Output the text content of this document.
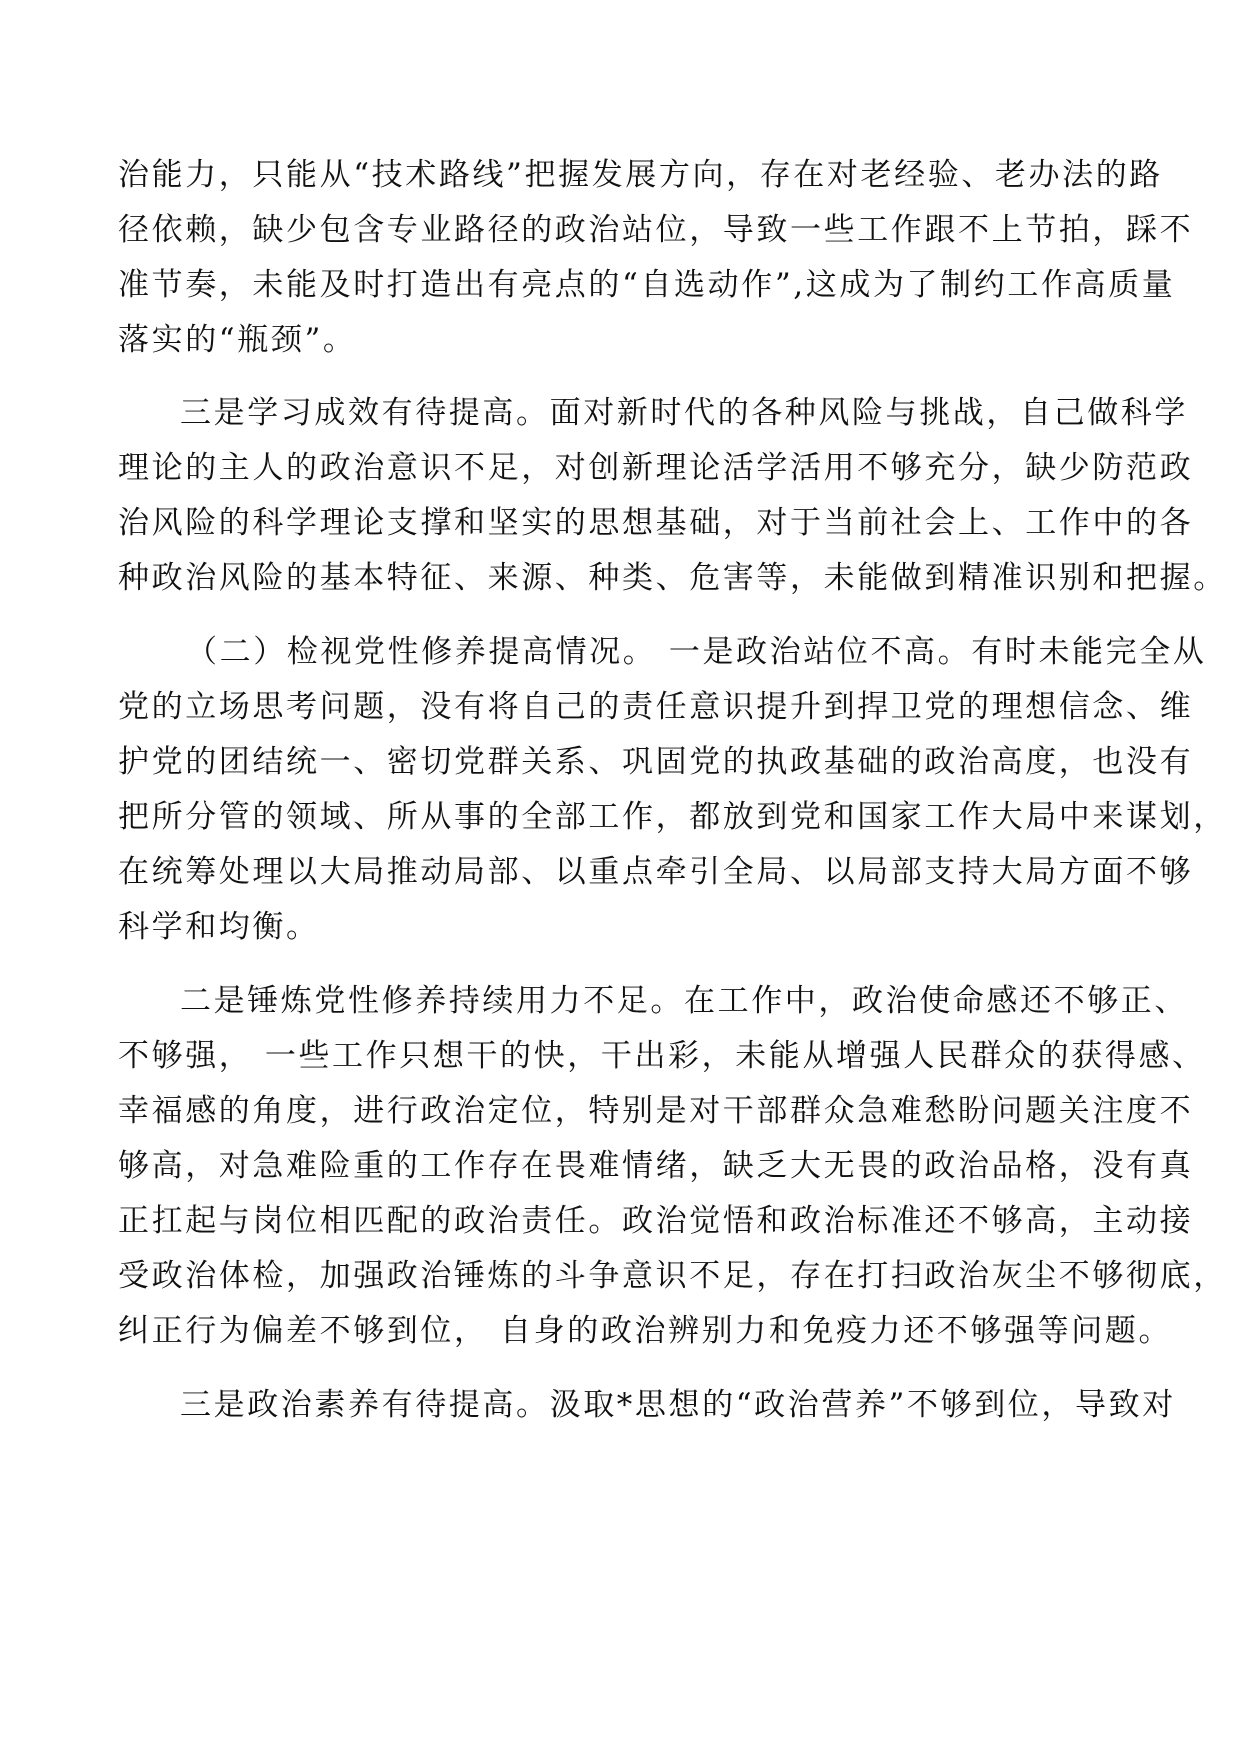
治能力，只能从“技术路线”把握发展方向，存在对老经验、老办法的路

径依赖，缺少包含专业路径的政治站位，导致一些工作跟不上节拍，踩不

准节奏，未能及时打造出有亮点的“自选动作”,这成为了制约工作高质量

落实的“瓶颈”。

三是学习成效有待提高。面对新时代的各种风险与挑战，自己做科学

理论的主人的政治意识不足，对创新理论活学活用不够充分，缺少防范政

治风险的科学理论支撑和坚实的思想基础，对于当前社会上、工作中的各

种政治风险的基本特征、来源、种类、危害等，未能做到精准识别和把握。

（二）检视党性修养提高情况。 一是政治站位不高。有时未能完全从

党的立场思考问题，没有将自己的责任意识提升到捍卫党的理想信念、维

护党的团结统一、密切党群关系、巩固党的执政基础的政治高度，也没有

把所分管的领域、所从事的全部工作，都放到党和国家工作大局中来谋划，

在统筹处理以大局推动局部、以重点牵引全局、以局部支持大局方面不够

科学和均衡。

二是锤炼党性修养持续用力不足。在工作中，政治使命感还不够正、

不够强， 一些工作只想干的快，干出彩，未能从增强人民群众的获得感、

幸福感的角度，进行政治定位，特别是对干部群众急难愁盼问题关注度不

够高，对急难险重的工作存在畏难情绪，缺乏大无畏的政治品格，没有真

正扛起与岗位相匹配的政治责任。政治觉悟和政治标准还不够高，主动接

受政治体检，加强政治锤炼的斗争意识不足，存在打扫政治灰尘不够彻底，

纠正行为偏差不够到位， 自身的政治辨别力和免疫力还不够强等问题。

三是政治素养有待提高。汲取*思想的“政治营养”不够到位，导致对
